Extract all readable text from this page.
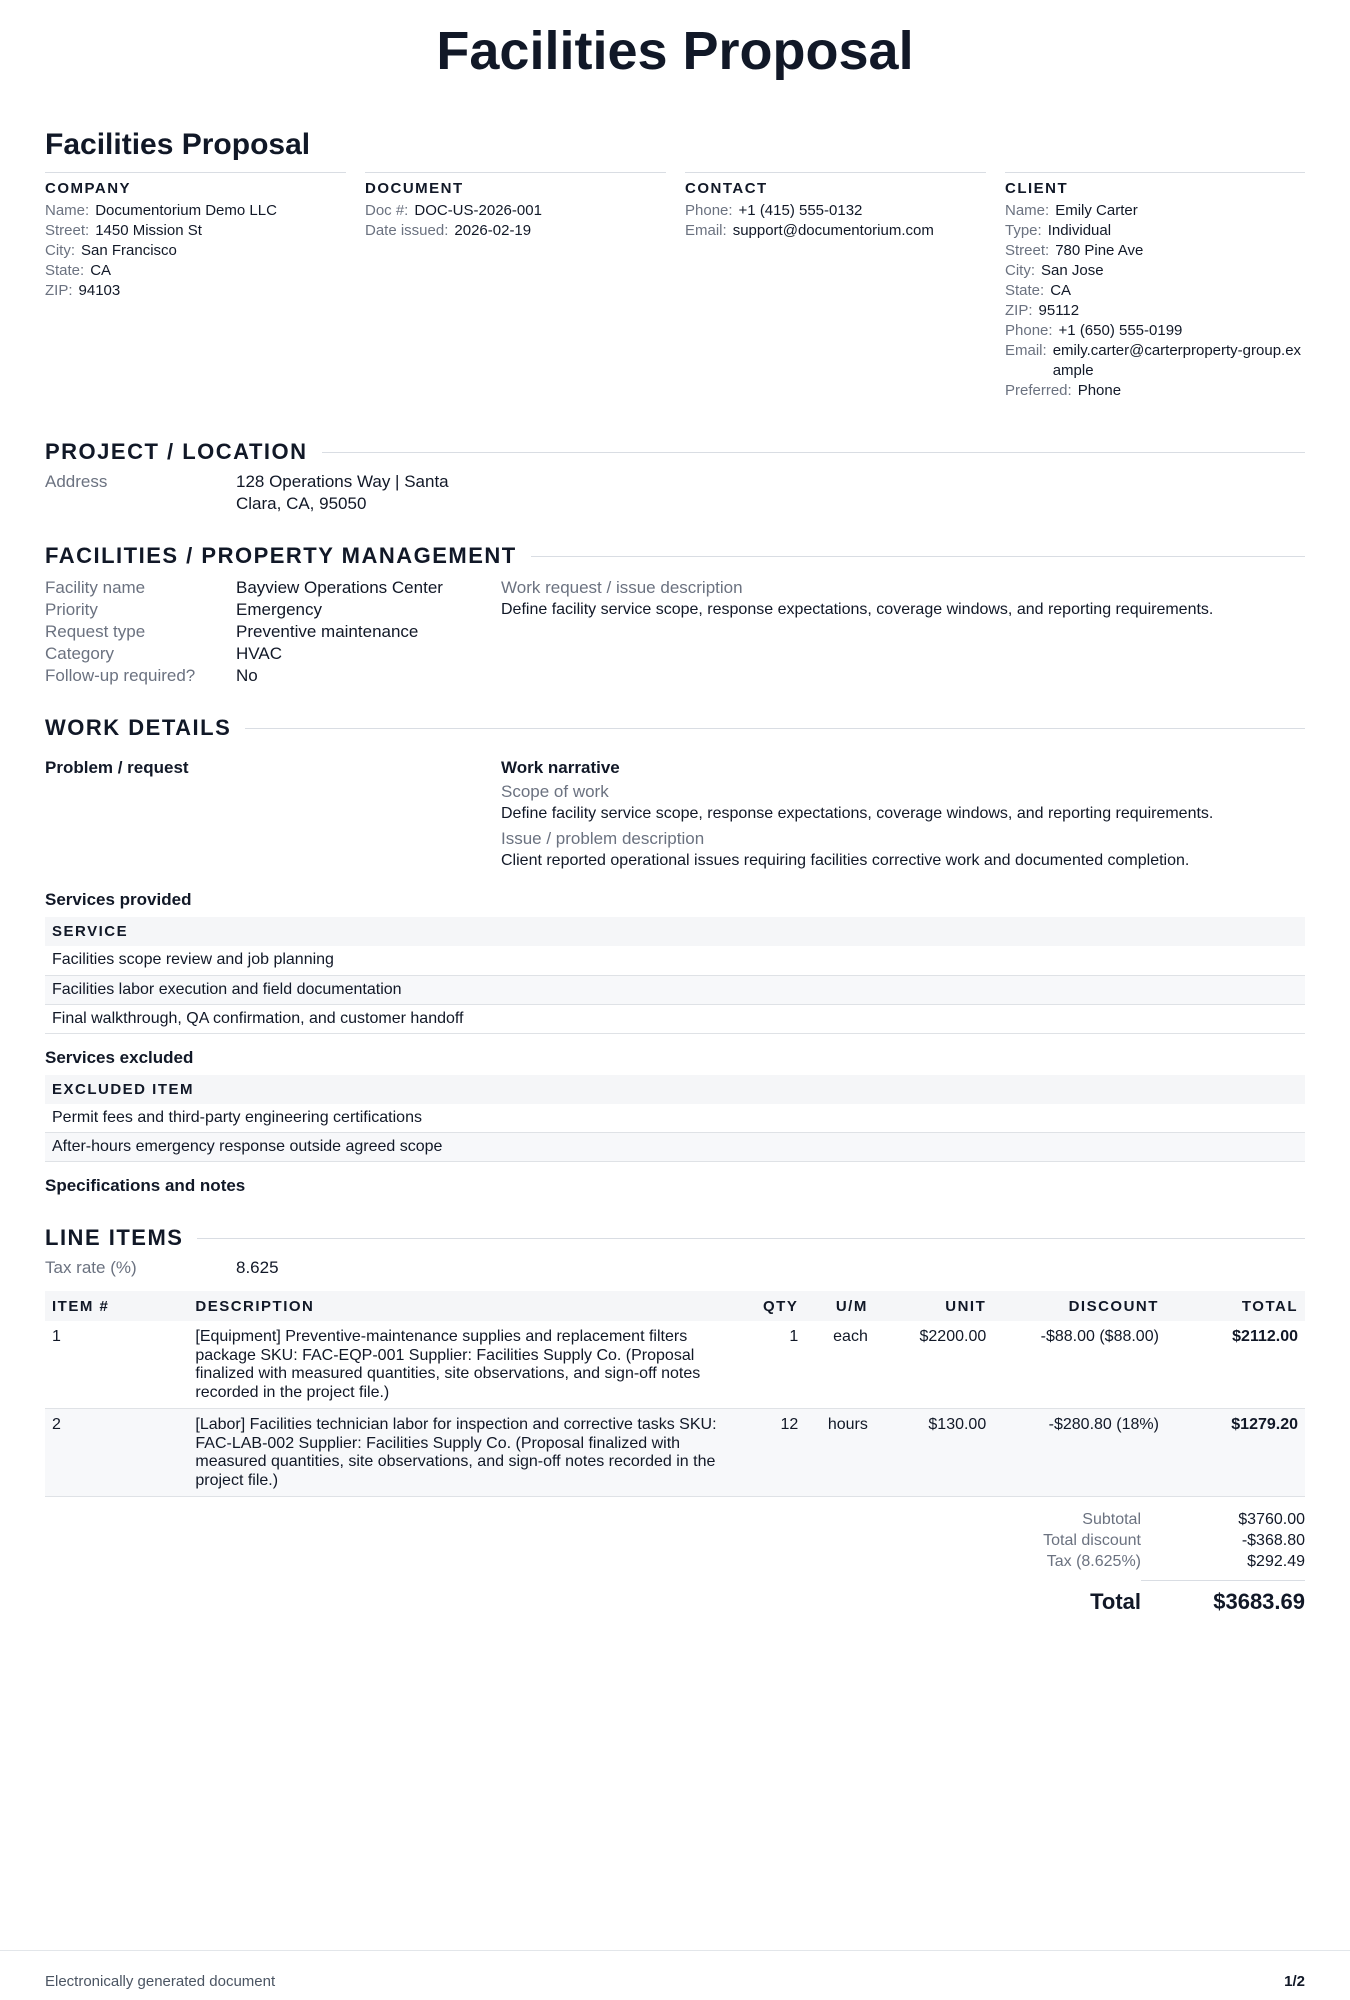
Facilities Proposal
Facilities Proposal
COMPANY
Name: Documentorium Demo LLC
Street: 1450 Mission St
City: San Francisco
State: CA
ZIP: 94103
DOCUMENT
Doc #: DOC-US-2026-001
Date issued: 2026-02-19
CONTACT
Phone: +1 (415) 555-0132
Email: support@documentorium.com
CLIENT
Name: Emily Carter
Type: Individual
Street: 780 Pine Ave
City: San Jose
State: CA
ZIP: 95112
Phone: +1 (650) 555-0199
Email: emily.carter@carterproperty-group.example
Preferred: Phone
PROJECT / LOCATION
Address	128 Operations Way | Santa
Clara, CA, 95050
FACILITIES / PROPERTY MANAGEMENT
Facility name	Bayview Operations Center
Priority	Emergency
Request type	Preventive maintenance
Category	HVAC
Follow-up required?	No
Work request / issue description
Define facility service scope, response expectations, coverage windows, and reporting requirements.
WORK DETAILS
Problem / request	Work narrative
Scope of work
Define facility service scope, response expectations, coverage windows, and reporting requirements.
Issue / problem description
Client reported operational issues requiring facilities corrective work and documented completion.
Services provided
SERVICE
Facilities scope review and job planning
Facilities labor execution and field documentation
Final walkthrough, QA confirmation, and customer handoff
Services excluded
EXCLUDED ITEM
Permit fees and third-party engineering certifications
After-hours emergency response outside agreed scope
Specifications and notes
LINE ITEMS
Tax rate (%)	8.625
ITEM #	DESCRIPTION	QTY	U/M	UNIT	DISCOUNT	TOTAL
1	[Equipment] Preventive-maintenance supplies and replacement filters package SKU: FAC-EQP-001 Supplier: Facilities Supply Co. (Proposal finalized with measured quantities, site observations, and sign-off notes recorded in the project file.)	1	each	$2200.00	-$88.00 ($88.00)	$2112.00
2	[Labor] Facilities technician labor for inspection and corrective tasks SKU: FAC-LAB-002 Supplier: Facilities Supply Co. (Proposal finalized with measured quantities, site observations, and sign-off notes recorded in the project file.)	12	hours	$130.00	-$280.80 (18%)	$1279.20
Subtotal	$3760.00
Total discount	-$368.80
Tax (8.625%)	$292.49
Total	$3683.69
Electronically generated document	1/2
